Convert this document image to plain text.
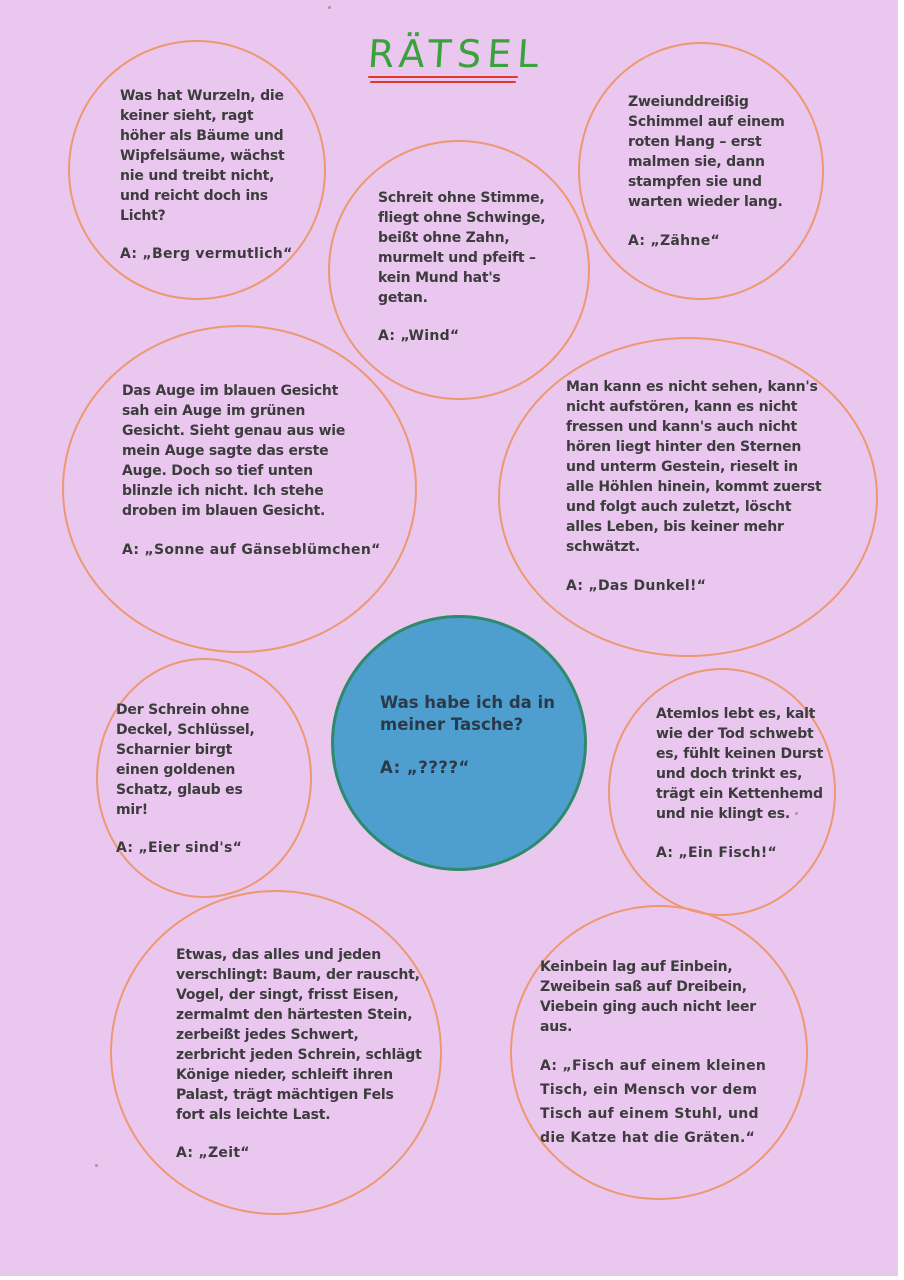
RÄTSEL
Was habe ich da in meiner Tasche?
A: „????“
Was hat Wurzeln, die
keiner sieht, ragt
höher als Bäume und
Wipfelsäume, wächst
nie und treibt nicht,
und reicht doch ins
Licht?
A: „Berg vermutlich“
Schreit ohne Stimme,
fliegt ohne Schwinge,
beißt ohne Zahn,
murmelt und pfeift –
kein Mund hat's
getan.
A: „Wind“
Zweiunddreißig
Schimmel auf einem
roten Hang – erst
malmen sie, dann
stampfen sie und
warten wieder lang.
A: „Zähne“
Das Auge im blauen Gesicht
sah ein Auge im grünen
Gesicht. Sieht genau aus wie
mein Auge sagte das erste
Auge. Doch so tief unten
blinzle ich nicht. Ich stehe
droben im blauen Gesicht.
A: „Sonne auf Gänseblümchen“
Man kann es nicht sehen, kann's
nicht aufstören, kann es nicht
fressen und kann's auch nicht
hören liegt hinter den Sternen
und unterm Gestein, rieselt in
alle Höhlen hinein, kommt zuerst
und folgt auch zuletzt, löscht
alles Leben, bis keiner mehr
schwätzt.
A: „Das Dunkel!“
Der Schrein ohne
Deckel, Schlüssel,
Scharnier birgt
einen goldenen
Schatz, glaub es
mir!
A: „Eier sind's“
Atemlos lebt es, kalt
wie der Tod schwebt
es, fühlt keinen Durst
und doch trinkt es,
trägt ein Kettenhemd
und nie klingt es.
A: „Ein Fisch!“
Etwas, das alles und jeden
verschlingt: Baum, der rauscht,
Vogel, der singt, frisst Eisen,
zermalmt den härtesten Stein,
zerbeißt jedes Schwert,
zerbricht jeden Schrein, schlägt
Könige nieder, schleift ihren
Palast, trägt mächtigen Fels
fort als leichte Last.
A: „Zeit“
Keinbein lag auf Einbein,
Zweibein saß auf Dreibein,
Viebein ging auch nicht leer
aus.
A: „Fisch auf einem kleinen
Tisch, ein Mensch vor dem
Tisch auf einem Stuhl, und
die Katze hat die Gräten.“
